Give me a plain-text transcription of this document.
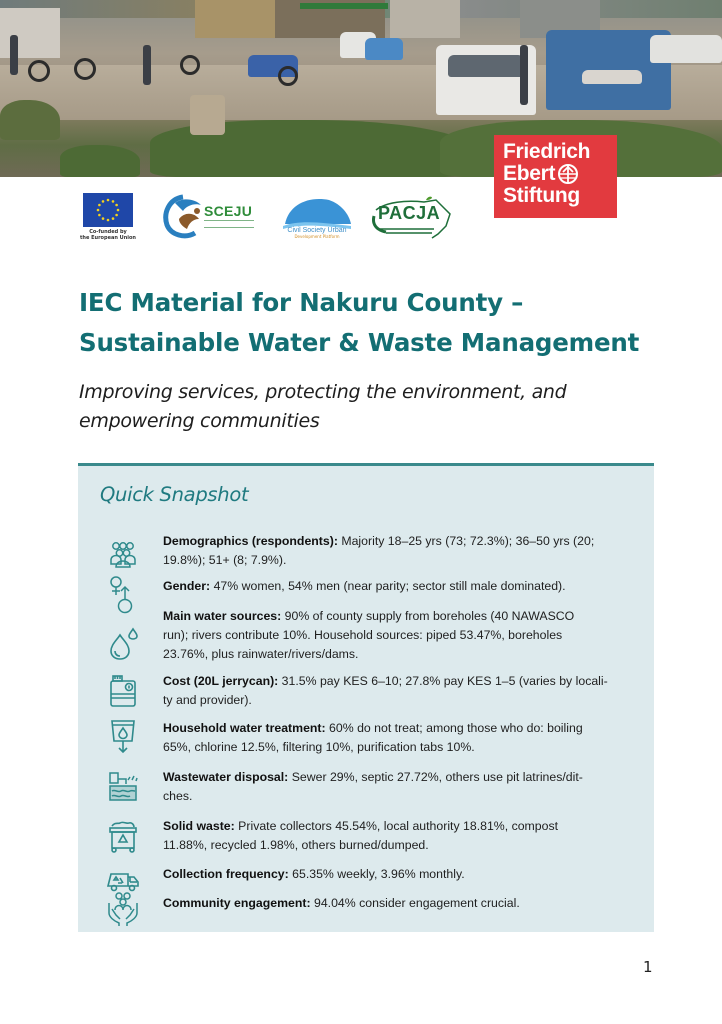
Friedrich
Ebert
Stiftung
Co-funded by
the European Union
SCEJU
Civil Society Urban
Development Platform
PACJA
IEC Material for Nakuru County –
Sustainable Water & Waste Management
Improving services, protecting the environment, and
empowering communities
Quick Snapshot
Demographics (respondents): Majority 18–25 yrs (73; 72.3%); 36–50 yrs (20;
19.8%); 51+ (8; 7.9%).
Gender: 47% women, 54% men (near parity; sector still male dominated).
Main water sources: 90% of county supply from boreholes (40 NAWASCO
run); rivers contribute 10%. Household sources: piped 53.47%, boreholes
23.76%, plus rainwater/rivers/dams.
Cost (20L jerrycan): 31.5% pay KES 6–10; 27.8% pay KES 1–5 (varies by locali-
ty and provider).
Household water treatment: 60% do not treat; among those who do: boiling
65%, chlorine 12.5%, filtering 10%, purification tabs 10%.
Wastewater disposal: Sewer 29%, septic 27.72%, others use pit latrines/dit-
ches.
Solid waste: Private collectors 45.54%, local authority 18.81%, compost
11.88%, recycled 1.98%, others burned/dumped.
Collection frequency: 65.35% weekly, 3.96% monthly.
Community engagement: 94.04% consider engagement crucial.
1
